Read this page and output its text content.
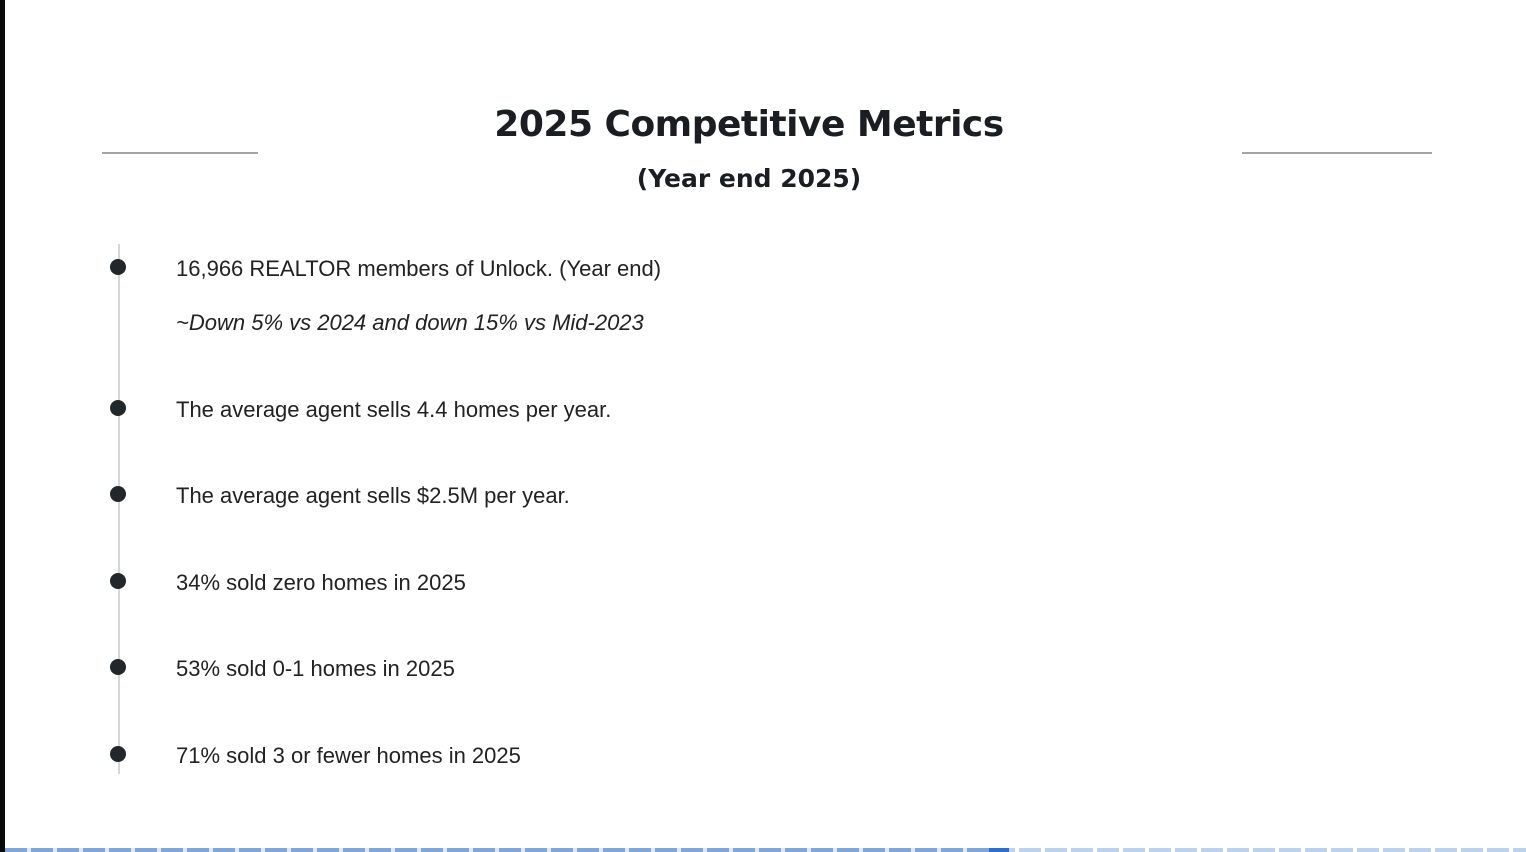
2025 Competitive Metrics
(Year end 2025)
16,966 REALTOR members of Unlock. (Year end)
~Down 5% vs 2024 and down 15% vs Mid-2023
The average agent sells 4.4 homes per year.
The average agent sells $2.5M per year.
34% sold zero homes in 2025
53% sold 0-1 homes in 2025
71% sold 3 or fewer homes in 2025
